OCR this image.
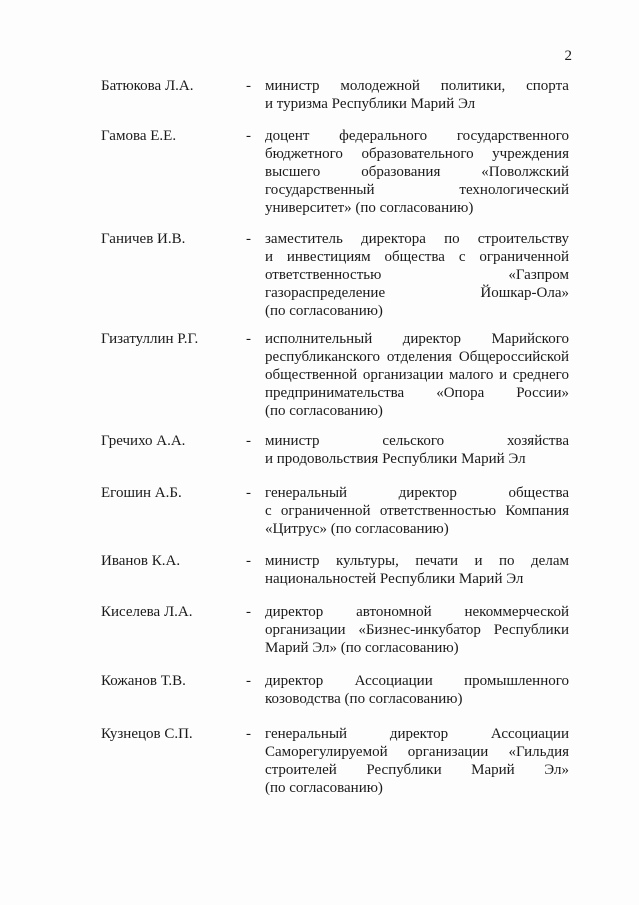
2
Батюкова Л.А.	- министр молодежной политики, спорта
и туризма Республики Марий Эл
Гамова Е.Е.	- доцент федерального государственного
бюджетного образовательного учреждения
высшего	образования	«Поволжский
государственный	технологический
университет» (по согласованию)
Ганичев И.В.	- заместитель директора по строительству
и инвестициям общества с ограниченной
ответственностью	«Газпром
газораспределение	Йошкар-Ола»
(по согласованию)
Гизатуллин Р.Г.	- исполнительный директор Марийского
республиканского отделения Общероссийской
общественной организации малого и среднего
предпринимательства «Опора России»
(по согласованию)
Гречихо А.А.	- министр	сельского	хозяйства
и продовольствия Республики Марий Эл
Егошин А.Б.	- генеральный	директор	общества
с ограниченной ответственностью Компания
«Цитрус» (по согласованию)
Иванов К.А.	- министр культуры, печати и по делам
национальностей Республики Марий Эл
Киселева Л.А.	- директор автономной некоммерческой
организации «Бизнес-инкубатор Республики
Марий Эл» (по согласованию)
Кожанов Т.В.	- директор Ассоциации промышленного
козоводства (по согласованию)
Кузнецов С.П.	- генеральный	директор	Ассоциации
Саморегулируемой организации «Гильдия
строителей Республики Марий Эл»
(по согласованию)
